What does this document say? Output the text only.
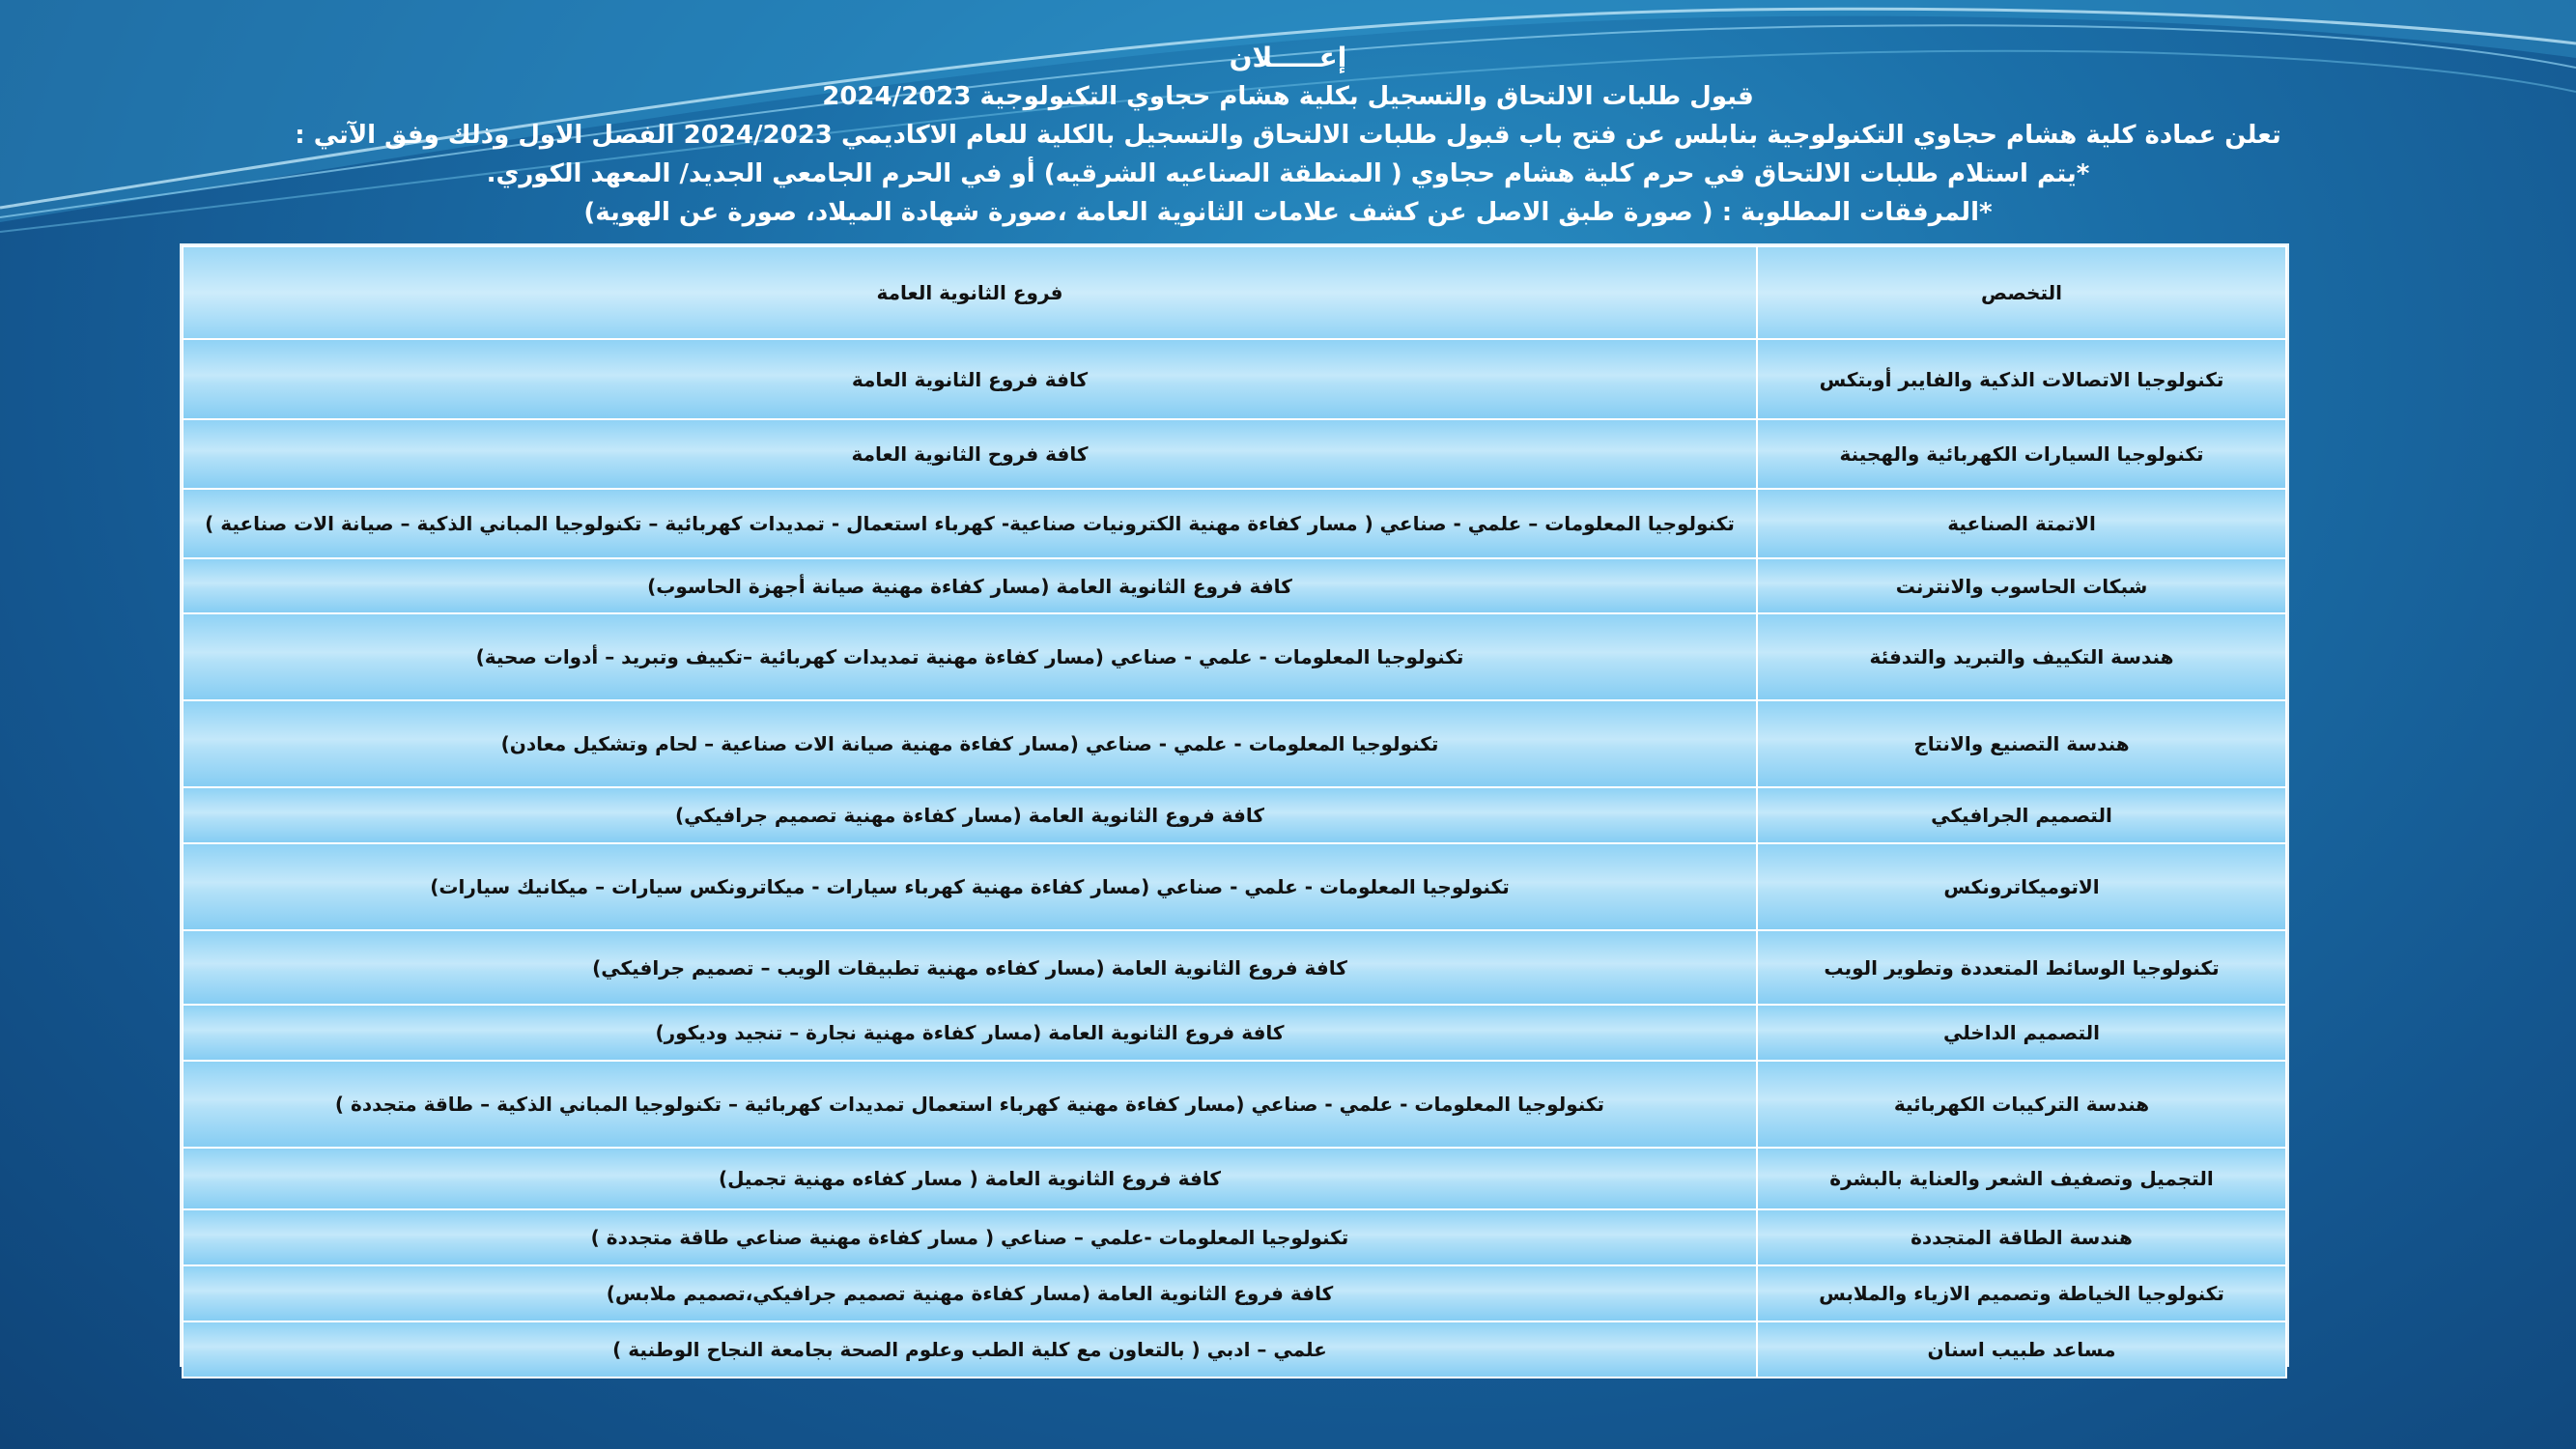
إعـــــلان
قبول طلبات الالتحاق والتسجيل بكلية هشام حجاوي التكنولوجية 2024/2023
تعلن عمادة كلية هشام حجاوي التكنولوجية بنابلس عن فتح باب قبول طلبات الالتحاق والتسجيل بالكلية للعام الاكاديمي 2024/2023 الفصل الاول وذلك وفق الآتي :
*يتم استلام طلبات الالتحاق في حرم كلية هشام حجاوي ( المنطقة الصناعيه الشرقيه) أو في الحرم الجامعي الجديد/ المعهد الكوري.
*المرفقات المطلوبة : ( صورة طبق الاصل عن كشف علامات الثانوية العامة ،صورة شهادة الميلاد، صورة عن الهوية)
التخصص	فروع الثانوية العامة
تكنولوجيا الاتصالات الذكية والفايبر أوبتكس	كافة فروع الثانوية العامة
تكنولوجيا السيارات الكهربائية والهجينة	كافة فروح الثانوية العامة
الاتمتة الصناعية	تكنولوجيا المعلومات – علمي - صناعي ( مسار كفاءة مهنية الكترونيات صناعية- كهرباء استعمال - تمديدات كهربائية – تكنولوجيا المباني الذكية – صيانة الات صناعية )
شبكات الحاسوب والانترنت	كافة فروع الثانوية العامة (مسار كفاءة مهنية صيانة أجهزة الحاسوب)
هندسة التكييف والتبريد والتدفئة	تكنولوجيا المعلومات - علمي - صناعي (مسار كفاءة مهنية تمديدات كهربائية –تكييف وتبريد – أدوات صحية)
هندسة التصنيع والانتاج	تكنولوجيا المعلومات - علمي - صناعي (مسار كفاءة مهنية صيانة الات صناعية – لحام وتشكيل معادن)
التصميم الجرافيكي	كافة فروع الثانوية العامة (مسار كفاءة مهنية تصميم جرافيكي)
الاتوميكاترونكس	تكنولوجيا المعلومات - علمي - صناعي (مسار كفاءة مهنية كهرباء سيارات - ميكاترونكس سيارات – ميكانيك سيارات)
تكنولوجيا الوسائط المتعددة وتطوير الويب	كافة فروع الثانوية العامة (مسار كفاءه مهنية تطبيقات الويب – تصميم جرافيكي)
التصميم الداخلي	كافة فروع الثانوية العامة (مسار كفاءة مهنية نجارة – تنجيد وديكور)
هندسة التركيبات الكهربائية	تكنولوجيا المعلومات - علمي - صناعي (مسار كفاءة مهنية كهرباء استعمال تمديدات كهربائية – تكنولوجيا المباني الذكية – طاقة متجددة )
التجميل وتصفيف الشعر والعناية بالبشرة	كافة فروع الثانوية العامة ( مسار كفاءه مهنية تجميل)
هندسة الطاقة المتجددة	تكنولوجيا المعلومات -علمي – صناعي ( مسار كفاءة مهنية صناعي طاقة متجددة )
تكنولوجيا الخياطة وتصميم الازياء والملابس	كافة فروع الثانوية العامة (مسار كفاءة مهنية تصميم جرافيكي،تصميم ملابس)
مساعد طبيب اسنان	علمي – ادبي ( بالتعاون مع كلية الطب وعلوم الصحة بجامعة النجاح الوطنية )
